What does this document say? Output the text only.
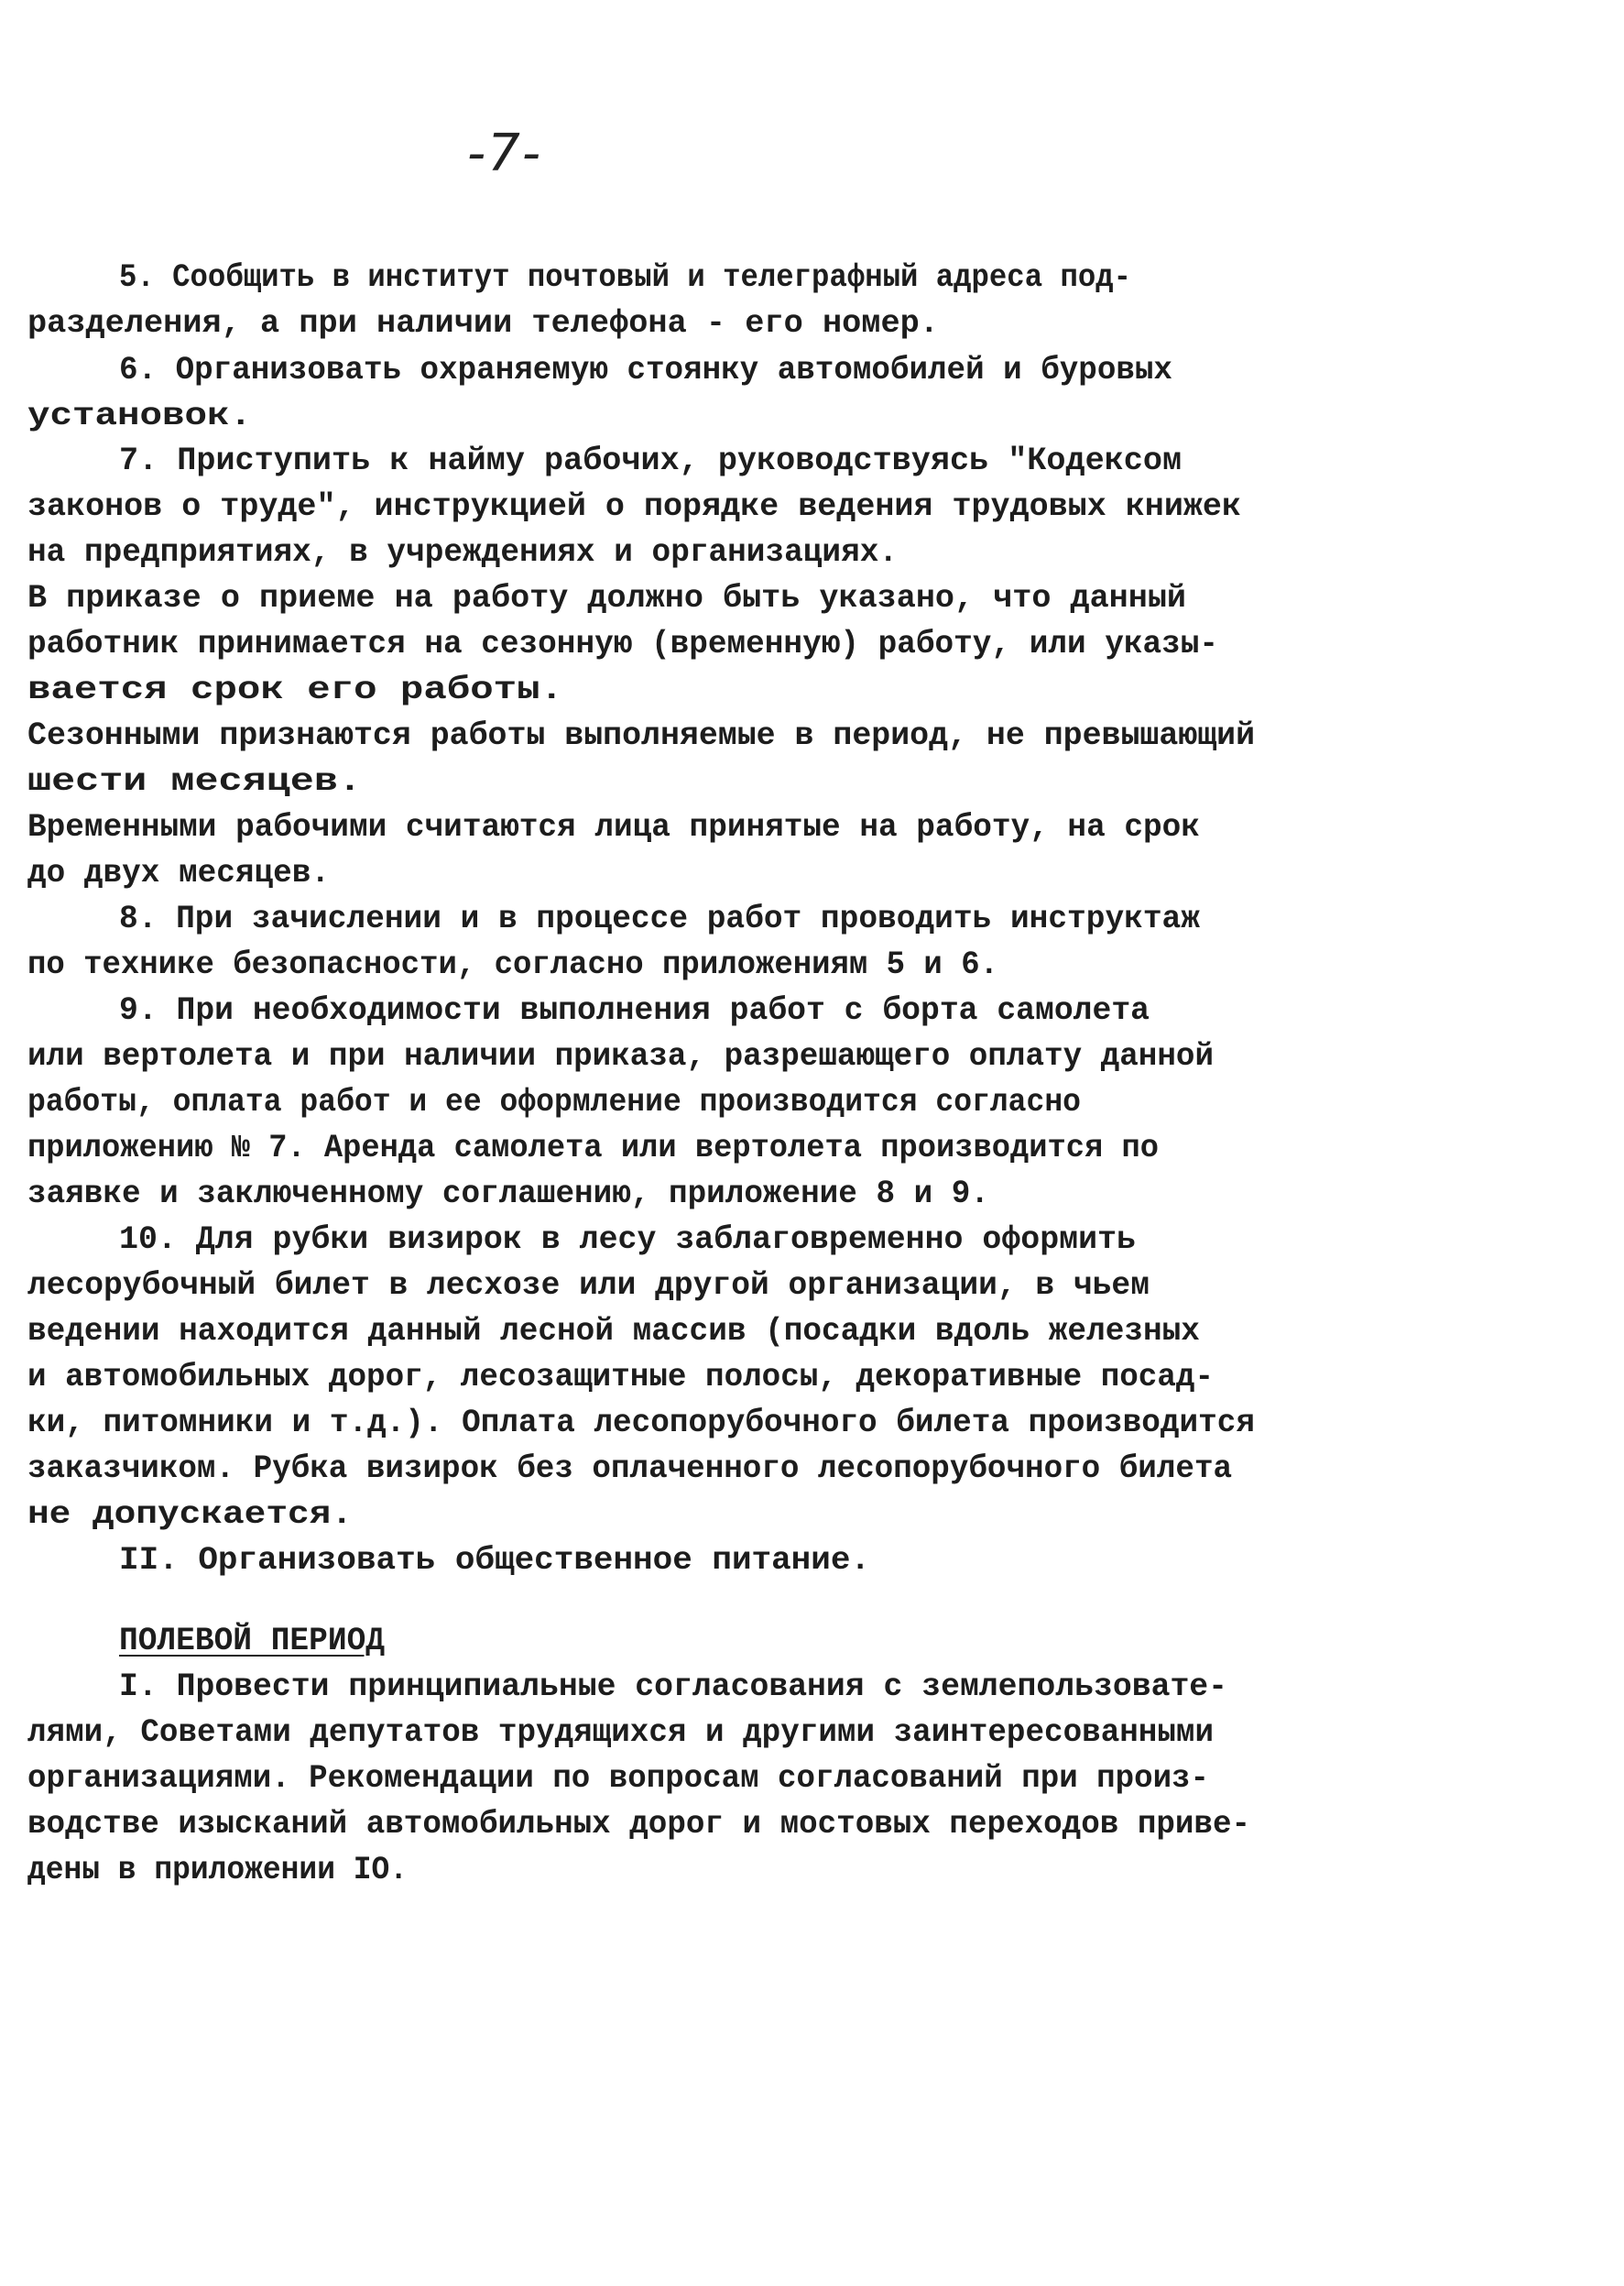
-7-
5. Сообщить в институт почтовый и телеграфный адреса под-
разделения, а при наличии телефона - его номер.
6. Организовать охраняемую стоянку автомобилей и буровых
установок.
7. Приступить к найму рабочих, руководствуясь "Кодексом
законов о труде", инструкцией о порядке ведения трудовых книжек
на предприятиях, в учреждениях и организациях.
В приказе о приеме на работу должно быть указано, что данный
работник принимается на сезонную (временную) работу, или указы-
вается срок его работы.
Сезонными признаются работы выполняемые в период, не превышающий
шести месяцев.
Временными рабочими считаются лица принятые на работу, на срок
до двух месяцев.
8. При зачислении и в процессе работ проводить инструктаж
по технике безопасности, согласно приложениям 5 и 6.
9. При необходимости выполнения работ с борта самолета
или вертолета и при наличии приказа, разрешающего оплату данной
работы, оплата работ и ее оформление производится согласно
приложению № 7. Аренда самолета или вертолета производится по
заявке и заключенному соглашению, приложение 8 и 9.
10. Для рубки визирок в лесу заблаговременно оформить
лесорубочный билет в лесхозе или другой организации, в чьем
ведении находится данный лесной массив (посадки вдоль железных
и автомобильных дорог, лесозащитные полосы, декоративные посад-
ки, питомники и т.д.). Оплата лесопорубочного билета производится
заказчиком. Рубка визирок без оплаченного лесопорубочного билета
не допускается.
II. Организовать общественное питание.
ПОЛЕВОЙ ПЕРИОД
I. Провести принципиальные согласования с землепользовате-
лями, Советами депутатов трудящихся и другими заинтересованными
организациями. Рекомендации по вопросам согласований при произ-
водстве изысканий автомобильных дорог и мостовых переходов приве-
дены в приложении IO.
